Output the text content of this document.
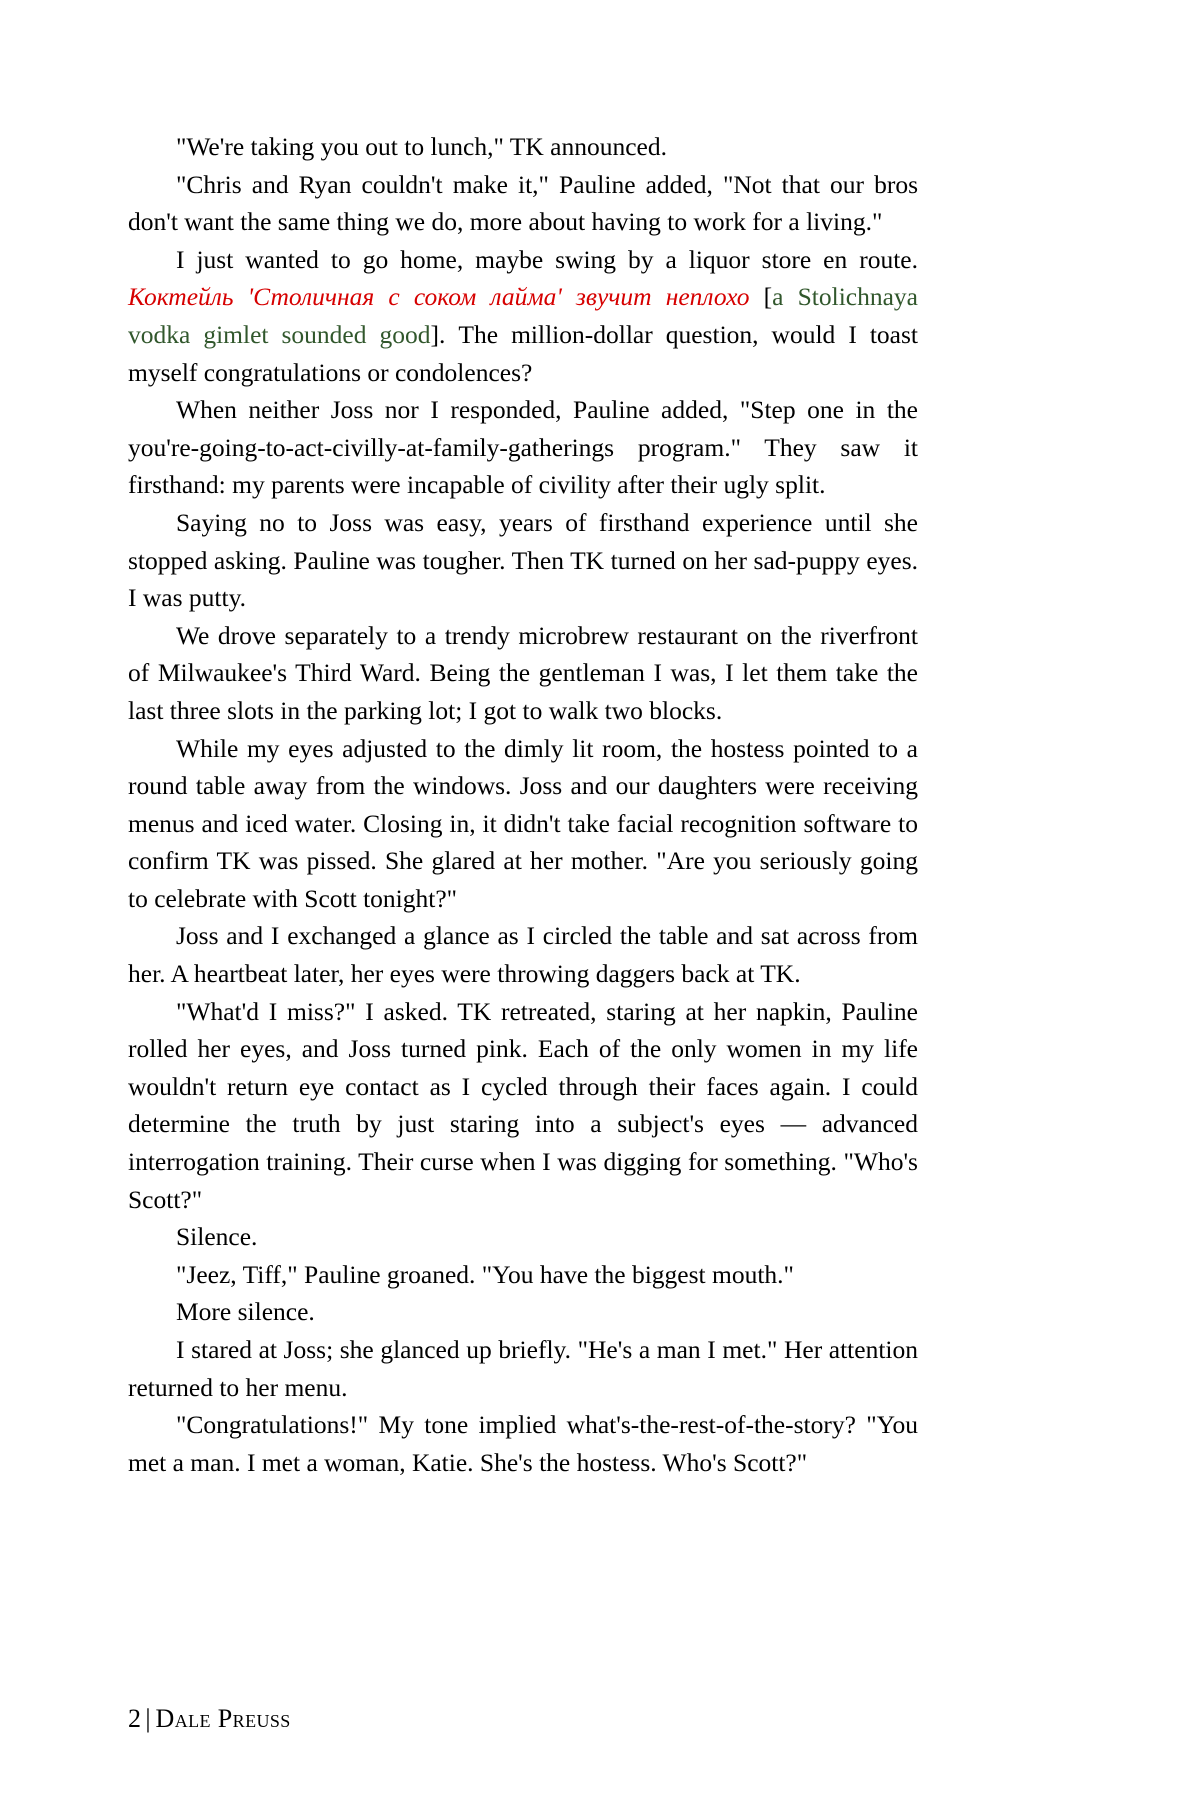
"We're taking you out to lunch," TK announced.

"Chris and Ryan couldn't make it," Pauline added, "Not that our bros don't want the same thing we do, more about having to work for a living."

I just wanted to go home, maybe swing by a liquor store en route. Коктейль 'Столичная с соком лайма' звучит неплохо [a Stolichnaya vodka gimlet sounded good]. The million-dollar question, would I toast myself congratulations or condolences?

When neither Joss nor I responded, Pauline added, "Step one in the you're-going-to-act-civilly-at-family-gatherings program." They saw it firsthand: my parents were incapable of civility after their ugly split.

Saying no to Joss was easy, years of firsthand experience until she stopped asking. Pauline was tougher. Then TK turned on her sad-puppy eyes. I was putty.

We drove separately to a trendy microbrew restaurant on the riverfront of Milwaukee's Third Ward. Being the gentleman I was, I let them take the last three slots in the parking lot; I got to walk two blocks.

While my eyes adjusted to the dimly lit room, the hostess pointed to a round table away from the windows. Joss and our daughters were receiving menus and iced water. Closing in, it didn't take facial recognition software to confirm TK was pissed. She glared at her mother. "Are you seriously going to celebrate with Scott tonight?"

Joss and I exchanged a glance as I circled the table and sat across from her. A heartbeat later, her eyes were throwing daggers back at TK.

"What'd I miss?" I asked. TK retreated, staring at her napkin, Pauline rolled her eyes, and Joss turned pink. Each of the only women in my life wouldn't return eye contact as I cycled through their faces again. I could determine the truth by just staring into a subject's eyes — advanced interrogation training. Their curse when I was digging for something. "Who's Scott?"

Silence.

"Jeez, Tiff," Pauline groaned. "You have the biggest mouth."

More silence.

I stared at Joss; she glanced up briefly. "He's a man I met." Her attention returned to her menu.

"Congratulations!" My tone implied what's-the-rest-of-the-story? "You met a man. I met a woman, Katie. She's the hostess. Who's Scott?"

2 | Dale Preuss
